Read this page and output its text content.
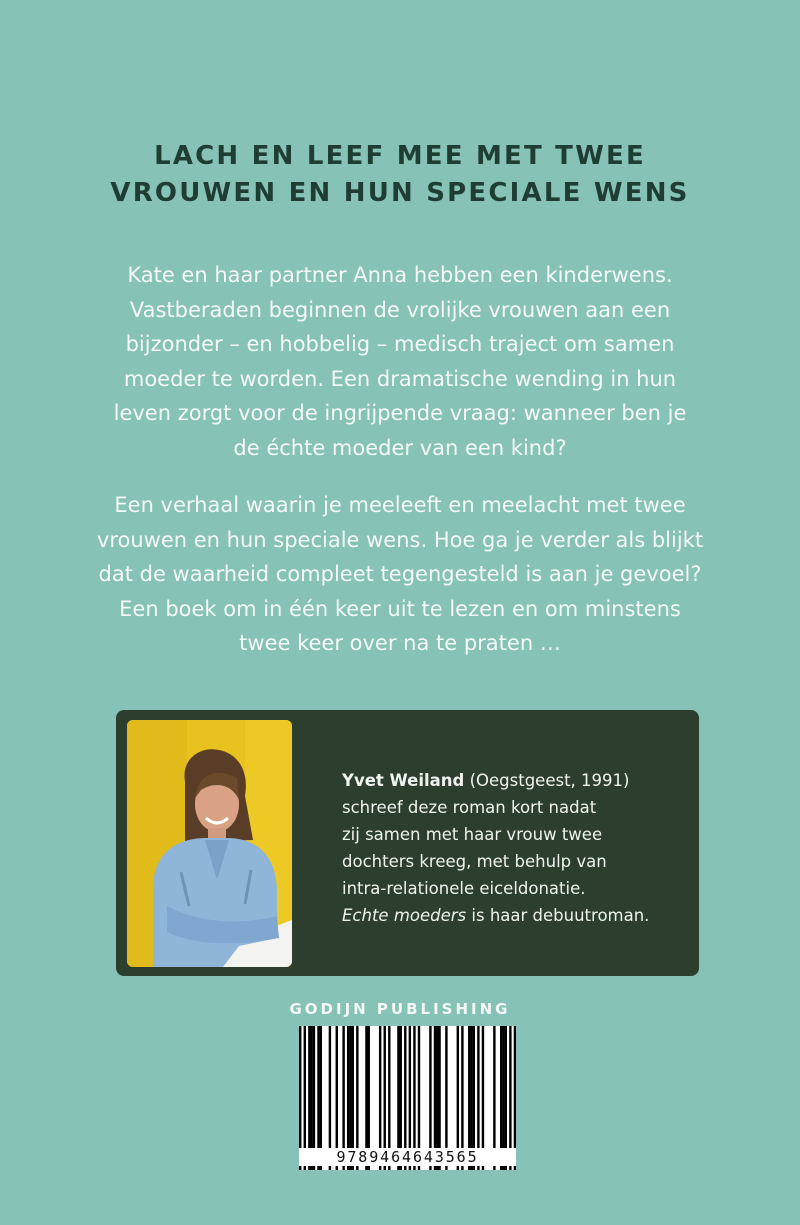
LACH EN LEEF MEE MET TWEE
VROUWEN EN HUN SPECIALE WENS
Kate en haar partner Anna hebben een kinderwens.
Vastberaden beginnen de vrolijke vrouwen aan een
bijzonder – en hobbelig – medisch traject om samen
moeder te worden. Een dramatische wending in hun
leven zorgt voor de ingrijpende vraag: wanneer ben je
de échte moeder van een kind?
Een verhaal waarin je meeleeft en meelacht met twee
vrouwen en hun speciale wens. Hoe ga je verder als blijkt
dat de waarheid compleet tegengesteld is aan je gevoel?
Een boek om in één keer uit te lezen en om minstens
twee keer over na te praten …
Yvet Weiland (Oegstgeest, 1991)
schreef deze roman kort nadat
zij samen met haar vrouw twee
dochters kreeg, met behulp van
intra-relationele eiceldonatie.
Echte moeders is haar debuutroman.
GODIJN PUBLISHING
9789464643565
